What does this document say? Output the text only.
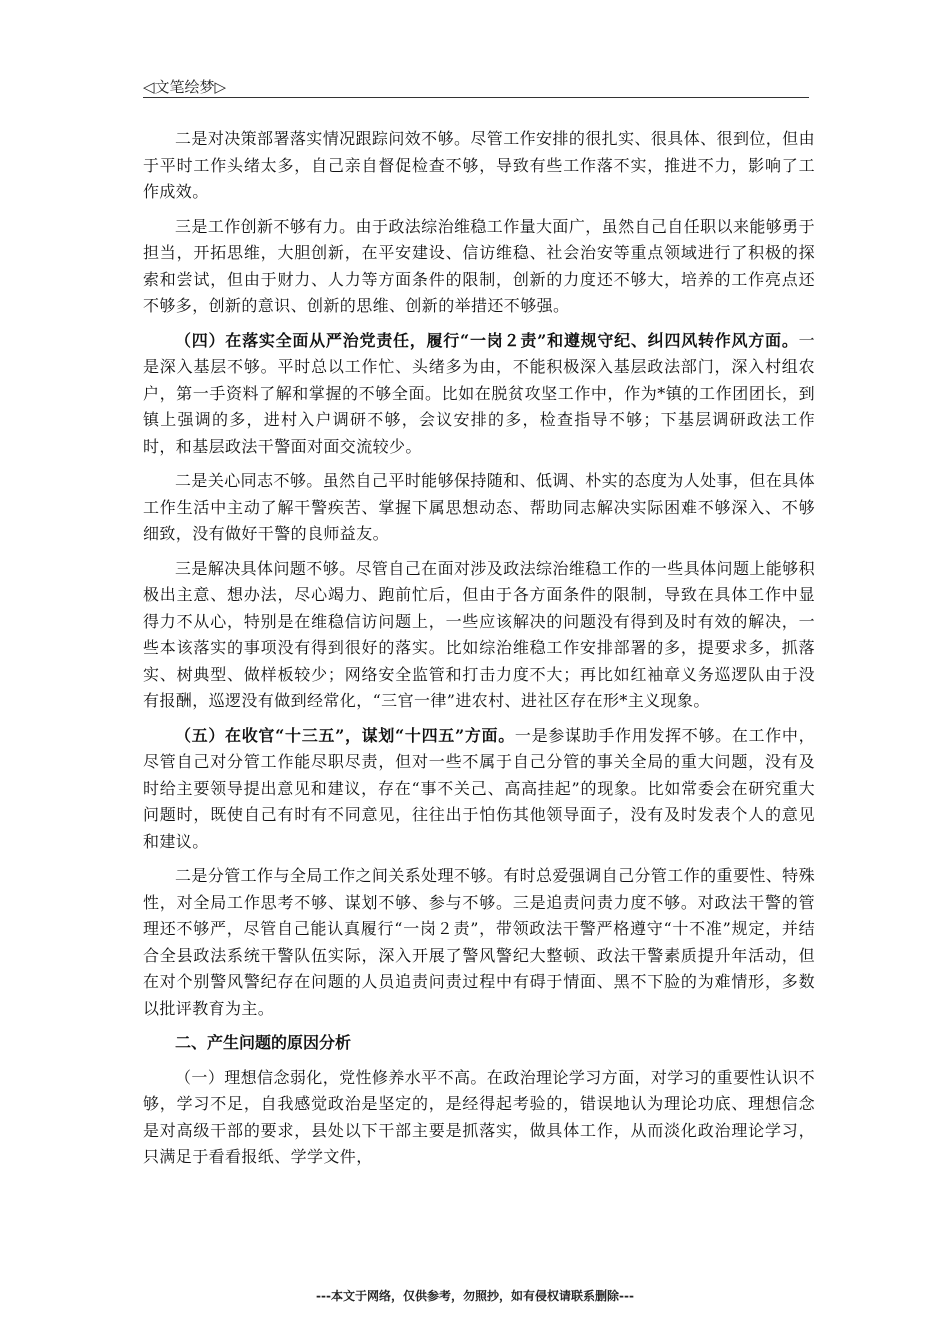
◁文笔绘梦▷

二是对决策部署落实情况跟踪问效不够。尽管工作安排的很扎实、很具体、很到位，但由于平时工作头绪太多，自己亲自督促检查不够，导致有些工作落不实，推进不力，影响了工作成效。

三是工作创新不够有力。由于政法综治维稳工作量大面广，虽然自己自任职以来能够勇于担当，开拓思维，大胆创新，在平安建设、信访维稳、社会治安等重点领域进行了积极的探索和尝试，但由于财力、人力等方面条件的限制，创新的力度还不够大，培养的工作亮点还不够多，创新的意识、创新的思维、创新的举措还不够强。

（四）在落实全面从严治党责任，履行“一岗２责”和遵规守纪、纠四风转作风方面。一是深入基层不够。平时总以工作忙、头绪多为由，不能积极深入基层政法部门，深入村组农户，第一手资料了解和掌握的不够全面。比如在脱贫攻坚工作中，作为*镇的工作团团长，到镇上强调的多，进村入户调研不够，会议安排的多，检查指导不够；下基层调研政法工作时，和基层政法干警面对面交流较少。

二是关心同志不够。虽然自己平时能够保持随和、低调、朴实的态度为人处事，但在具体工作生活中主动了解干警疾苦、掌握下属思想动态、帮助同志解决实际困难不够深入、不够细致，没有做好干警的良师益友。

三是解决具体问题不够。尽管自己在面对涉及政法综治维稳工作的一些具体问题上能够积极出主意、想办法，尽心竭力、跑前忙后，但由于各方面条件的限制，导致在具体工作中显得力不从心，特别是在维稳信访问题上，一些应该解决的问题没有得到及时有效的解决，一些本该落实的事项没有得到很好的落实。比如综治维稳工作安排部署的多，提要求多，抓落实、树典型、做样板较少；网络安全监管和打击力度不大；再比如红袖章义务巡逻队由于没有报酬，巡逻没有做到经常化，“三官一律”进农村、进社区存在形*主义现象。

（五）在收官“十三五”，谋划“十四五”方面。一是参谋助手作用发挥不够。在工作中，尽管自己对分管工作能尽职尽责，但对一些不属于自己分管的事关全局的重大问题，没有及时给主要领导提出意见和建议，存在“事不关己、高高挂起”的现象。比如常委会在研究重大问题时，既使自己有时有不同意见，往往出于怕伤其他领导面子，没有及时发表个人的意见和建议。

二是分管工作与全局工作之间关系处理不够。有时总爱强调自己分管工作的重要性、特殊性，对全局工作思考不够、谋划不够、参与不够。三是追责问责力度不够。对政法干警的管理还不够严，尽管自己能认真履行“一岗２责”，带领政法干警严格遵守“十不准”规定，并结合全县政法系统干警队伍实际，深入开展了警风警纪大整顿、政法干警素质提升年活动，但在对个别警风警纪存在问题的人员追责问责过程中有碍于情面、黑不下脸的为难情形，多数以批评教育为主。

二、产生问题的原因分析

（一）理想信念弱化，党性修养水平不高。在政治理论学习方面，对学习的重要性认识不够，学习不足，自我感觉政治是坚定的，是经得起考验的，错误地认为理论功底、理想信念是对高级干部的要求，县处以下干部主要是抓落实，做具体工作，从而淡化政治理论学习，只满足于看看报纸、学学文件，

---本文于网络，仅供参考，勿照抄，如有侵权请联系删除---
